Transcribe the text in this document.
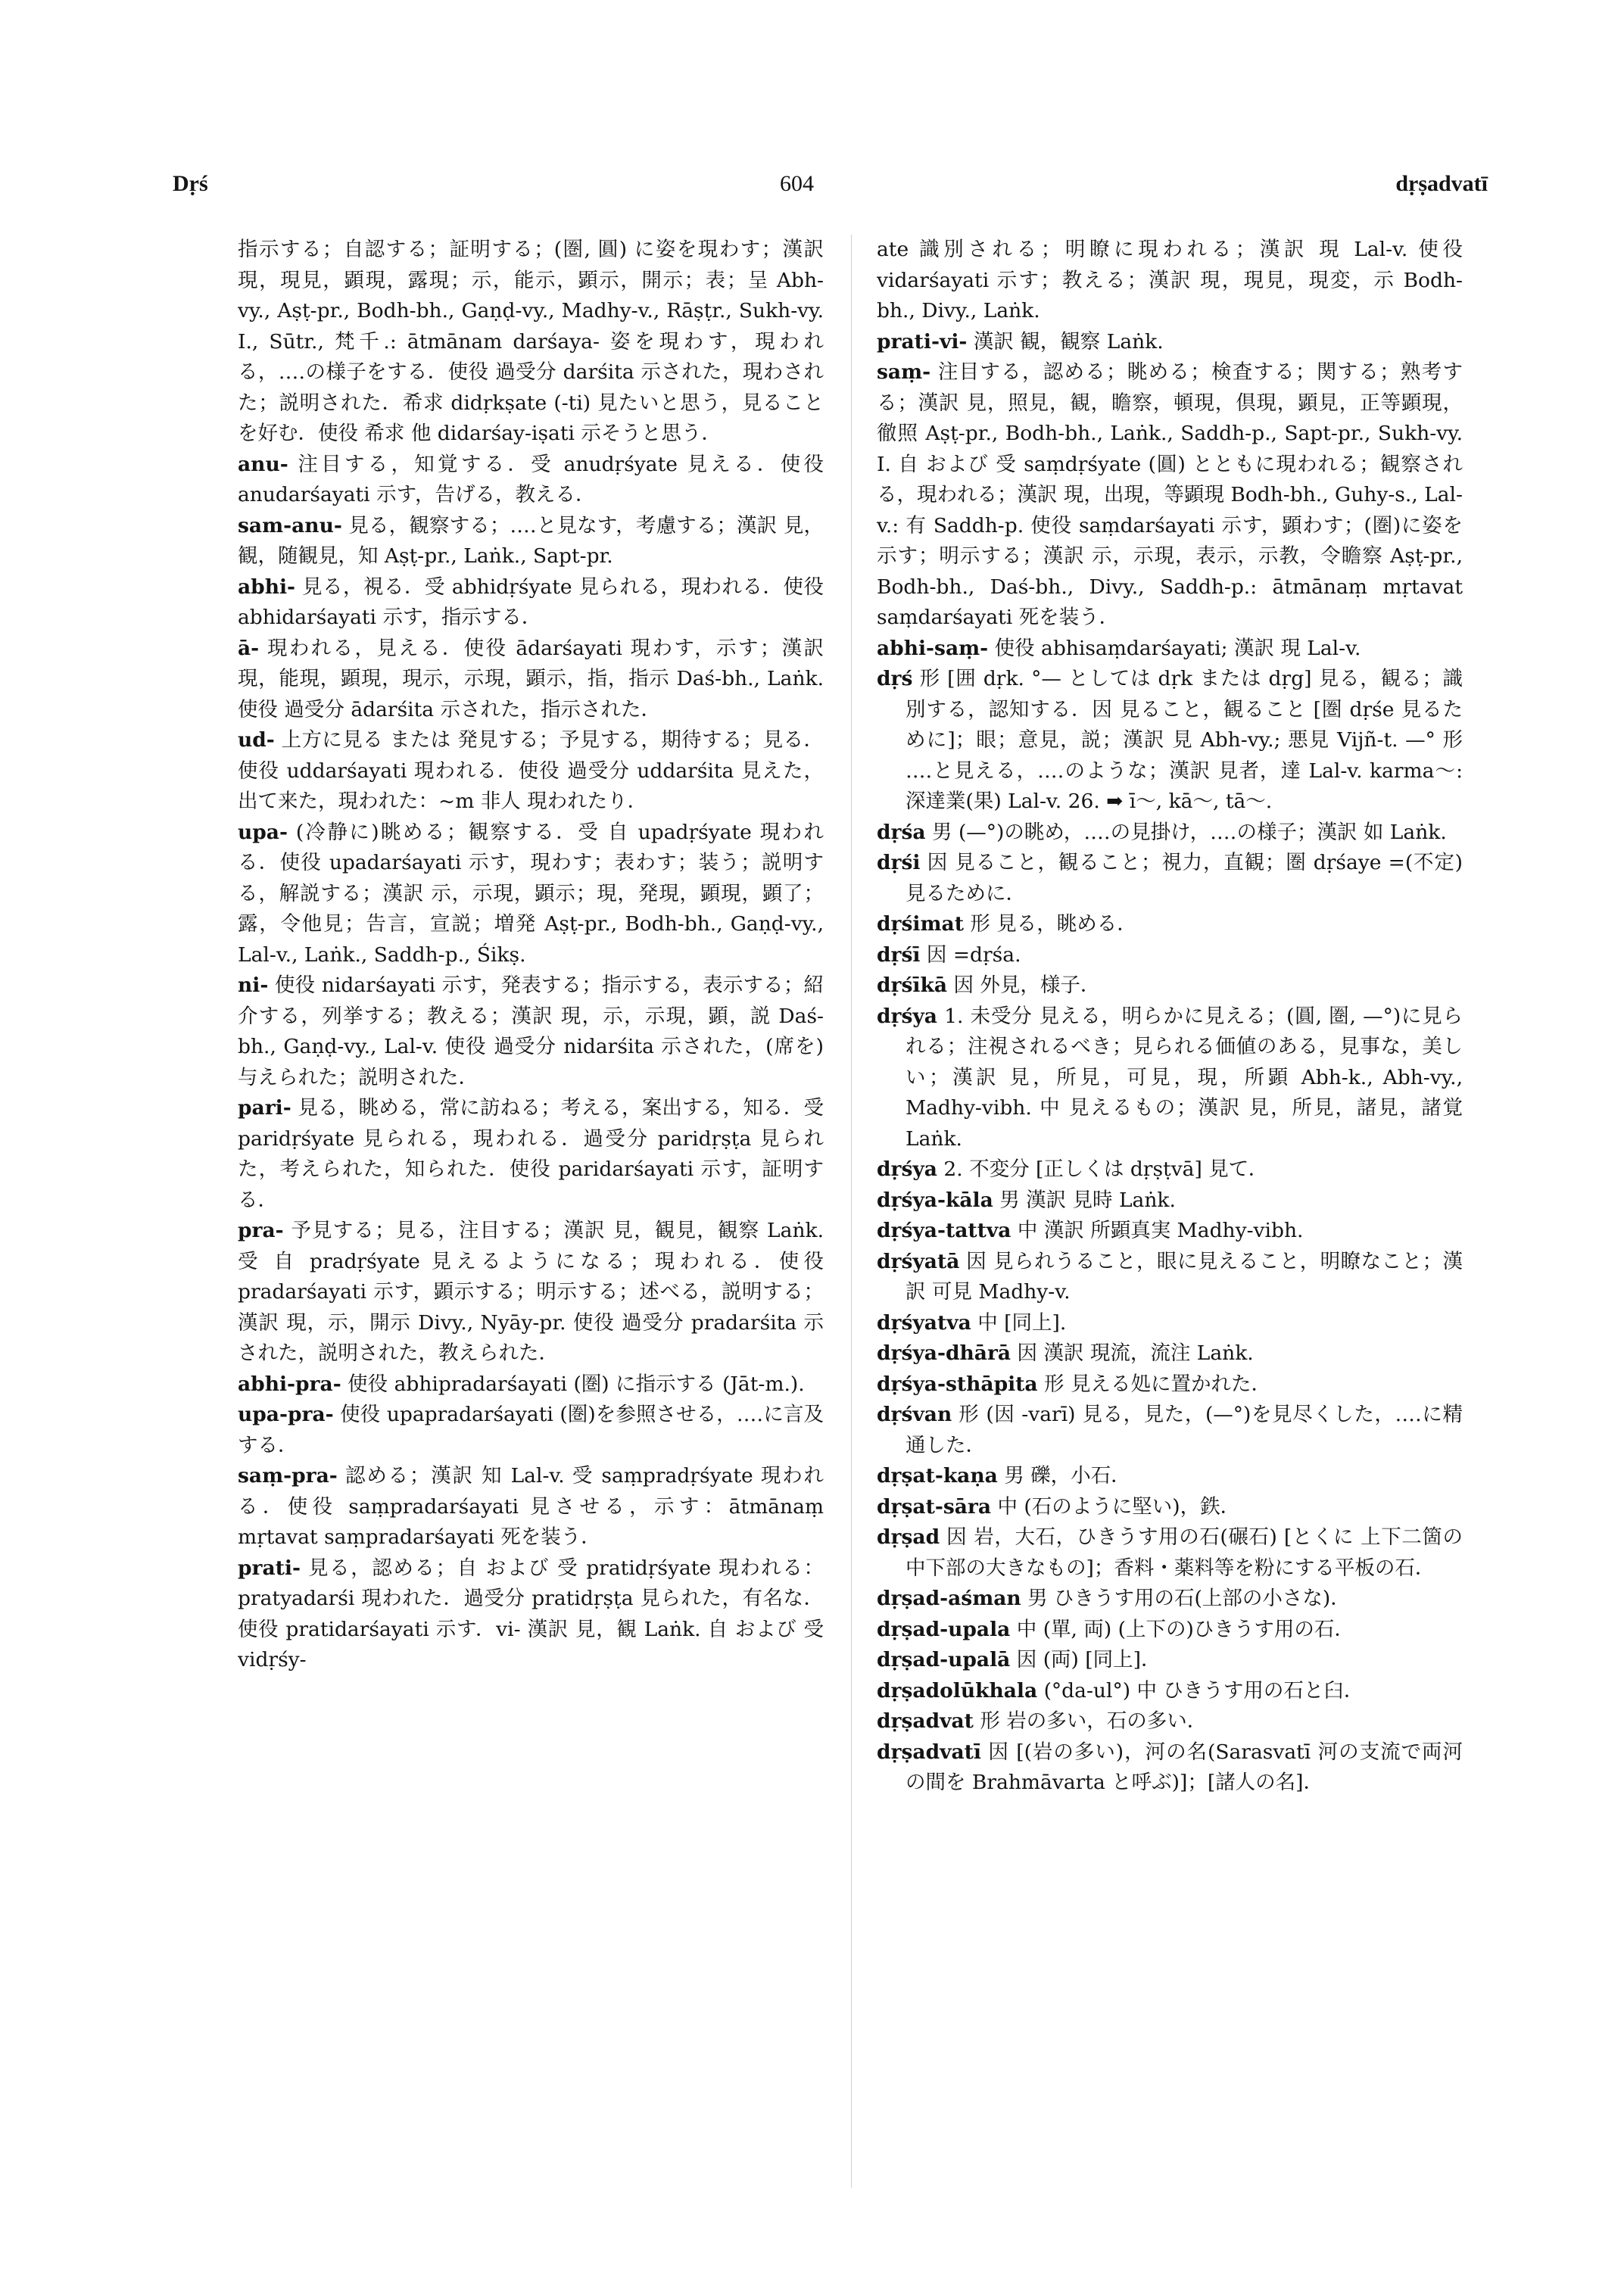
Dṛś	604	dṛṣadvatī

指示する；自認する；証明する；(圏, 圓) に姿を現わす；漢訳 現，現見，顕現，露現；示，能示，顕示，開示；表；呈 Abh-vy., Aṣṭ-pr., Bodh-bh., Gaṇḍ-vy., Madhy-v., Rāṣṭr., Sukh-vy. I., Sūtr., 梵千.: ātmānam darśaya- 姿を現わす，現われる，‥‥の様子をする．使役 過受分 darśita 示された，現わされた；説明された．希求 didṛkṣate (-ti) 見たいと思う，見ることを好む．使役 希求 他 didarśay-iṣati 示そうと思う．

anu- 注目する，知覚する．受 anudṛśyate 見える．使役 anudarśayati 示す，告げる，教える．

sam-anu- 見る，観察する；‥‥と見なす，考慮する；漢訳 見，観，随観見，知 Aṣṭ-pr., Laṅk., Sapt-pr.

abhi- 見る，視る．受 abhidṛśyate 見られる，現われる．使役 abhidarśayati 示す，指示する．

ā- 現われる，見える．使役 ādarśayati 現わす，示す；漢訳 現，能現，顕現，現示，示現，顕示，指，指示 Daś-bh., Laṅk. 使役 過受分 ādarśita 示された，指示された．

ud- 上方に見る または 発見する；予見する，期待する；見る．使役 uddarśayati 現われる．使役 過受分 uddarśita 見えた，出て来た，現われた：~m 非人 現われたり．

upa- (冷静に)眺める；観察する．受 自 upadṛśyate 現われる．使役 upadarśayati 示す，現わす；表わす；装う；説明する，解説する；漢訳 示，示現，顕示；現，発現，顕現，顕了；露，令他見；告言，宣説；増発 Aṣṭ-pr., Bodh-bh., Gaṇḍ-vy., Lal-v., Laṅk., Saddh-p., Śikṣ.

ni- 使役 nidarśayati 示す，発表する；指示する，表示する；紹介する，列挙する；教える；漢訳 現，示，示現，顕，説 Daś-bh., Gaṇḍ-vy., Lal-v. 使役 過受分 nidarśita 示された，(席を)与えられた；説明された．

pari- 見る，眺める，常に訪ねる；考える，案出する，知る．受 paridṛśyate 見られる，現われる．過受分 paridṛṣṭa 見られた，考えられた，知られた．使役 paridarśayati 示す，証明する．

pra- 予見する；見る，注目する；漢訳 見，観見，観察 Laṅk. 受 自 pradṛśyate 見えるようになる；現われる．使役 pradarśayati 示す，顕示する；明示する；述べる，説明する；漢訳 現，示，開示 Divy., Nyāy-pr. 使役 過受分 pradarśita 示された，説明された，教えられた．

abhi-pra- 使役 abhipradarśayati (圏) に指示する (Jāt-m.).

upa-pra- 使役 upapradarśayati (圏)を参照させる，‥‥に言及する．

saṃ-pra- 認める；漢訳 知 Lal-v. 受 saṃpradṛśyate 現われる．使役 saṃpradarśayati 見させる，示す：ātmānaṃ mṛtavat saṃpradarśayati 死を装う．

prati- 見る，認める；自 および 受 pratidṛśyate 現われる：pratyadarśi 現われた．過受分 pratidṛṣṭa 見られた，有名な．使役 pratidarśayati 示す．vi- 漢訳 見，観 Laṅk. 自 および 受 vidṛśy-

ate 識別される；明瞭に現われる；漢訳 現 Lal-v. 使役 vidarśayati 示す；教える；漢訳 現，現見，現変，示 Bodh-bh., Divy., Laṅk.

prati-vi- 漢訳 観，観察 Laṅk.

saṃ- 注目する，認める；眺める；検査する；関する；熟考する；漢訳 見，照見，観，瞻察，頓現，倶現，顕見，正等顕現，徹照 Aṣṭ-pr., Bodh-bh., Laṅk., Saddh-p., Sapt-pr., Sukh-vy. I. 自 および 受 saṃdṛśyate (圓) とともに現われる；観察される，現われる；漢訳 現，出現，等顕現 Bodh-bh., Guhy-s., Lal-v.: 有 Saddh-p. 使役 saṃdarśayati 示す，顕わす；(圏)に姿を示す；明示する；漢訳 示，示現，表示，示教，令瞻察 Aṣṭ-pr., Bodh-bh., Daś-bh., Divy., Saddh-p.: ātmānaṃ mṛtavat saṃdarśayati 死を装う．

abhi-saṃ- 使役 abhisaṃdarśayati; 漢訳 現 Lal-v.

dṛś 形 [囲 dṛk. °— としては dṛk または dṛg] 見る，観る；識別する，認知する．因 見ること，観ること [圏 dṛśe 見るために]；眼；意見，説；漢訳 見 Abh-vy.; 悪見 Vijñ-t. —° 形 ‥‥と見える，‥‥のような；漢訳 見者，達 Lal-v. karma～: 深達業(果) Lal-v. 26. ➡ ī～, kā～, tā～.

dṛśa 男 (—°)の眺め，‥‥の見掛け，‥‥の様子；漢訳 如 Laṅk.

dṛśi 因 見ること，観ること；視力，直観；圏 dṛśaye =(不定)見るために．

dṛśimat 形 見る，眺める．

dṛśī 因 =dṛśa.

dṛśīkā 因 外見，様子．

dṛśya 1. 未受分 見える，明らかに見える；(圓, 圏, —°)に見られる；注視されるべき；見られる価値のある，見事な，美しい；漢訳 見，所見，可見，現，所顕 Abh-k., Abh-vy., Madhy-vibh. 中 見えるもの；漢訳 見，所見，諸見，諸覚 Laṅk.

dṛśya 2. 不変分 [正しくは dṛṣṭvā] 見て．

dṛśya-kāla 男 漢訳 見時 Laṅk.

dṛśya-tattva 中 漢訳 所顕真実 Madhy-vibh.

dṛśyatā 因 見られうること，眼に見えること，明瞭なこと；漢訳 可見 Madhy-v.

dṛśyatva 中 [同上].

dṛśya-dhārā 因 漢訳 現流，流注 Laṅk.

dṛśya-sthāpita 形 見える処に置かれた．

dṛśvan 形 (因 -varī) 見る，見た，(—°)を見尽くした，‥‥に精通した．

dṛṣat-kaṇa 男 礫，小石．

dṛṣat-sāra 中 (石のように堅い)，鉄．

dṛṣad 因 岩，大石，ひきうす用の石(碾石) [とくに 上下二箇の中下部の大きなもの]；香料・薬料等を粉にする平板の石．

dṛṣad-aśman 男 ひきうす用の石(上部の小さな)．

dṛṣad-upala 中 (單, 両) (上下の)ひきうす用の石．

dṛṣad-upalā 因 (両) [同上]．

dṛṣadolūkhala (°da-ul°) 中 ひきうす用の石と臼．

dṛṣadvat 形 岩の多い，石の多い．

dṛṣadvatī 因 [(岩の多い)，河の名(Sarasvatī 河の支流で両河の間を Brahmāvarta と呼ぶ)]；[諸人の名]．
